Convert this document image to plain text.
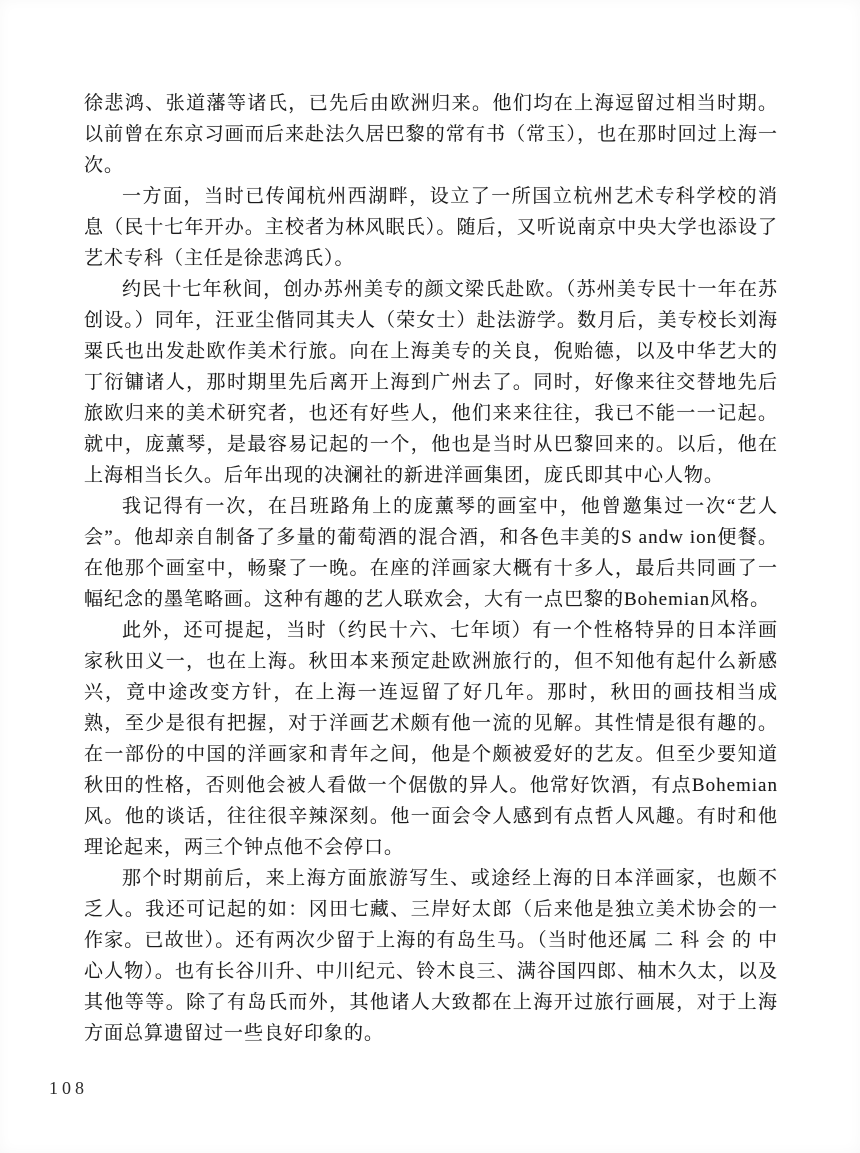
徐悲鸿、张道藩等诸氏，已先后由欧洲归来。他们均在上海逗留过相当时期。以前曾在东京习画而后来赴法久居巴黎的常有书（常玉），也在那时回过上海一次。

一方面，当时已传闻杭州西湖畔，设立了一所国立杭州艺术专科学校的消息（民十七年开办。主校者为林风眠氏）。随后，又听说南京中央大学也添设了艺术专科（主任是徐悲鸿氏）。

约民十七年秋间，创办苏州美专的颜文梁氏赴欧。（苏州美专民十一年在苏创设。）同年，汪亚尘偕同其夫人（荣女士）赴法游学。数月后，美专校长刘海粟氏也出发赴欧作美术行旅。向在上海美专的关良，倪贻德，以及中华艺大的丁衍镛诸人，那时期里先后离开上海到广州去了。同时，好像来往交替地先后旅欧归来的美术研究者，也还有好些人，他们来来往往，我已不能一一记起。就中，庞薰琴，是最容易记起的一个，他也是当时从巴黎回来的。以后，他在上海相当长久。后年出现的决澜社的新进洋画集团，庞氏即其中心人物。

我记得有一次，在吕班路角上的庞薰琴的画室中，他曾邀集过一次“艺人会”。他却亲自制备了多量的葡萄酒的混合酒，和各色丰美的S andw ion便餐。在他那个画室中，畅聚了一晚。在座的洋画家大概有十多人，最后共同画了一幅纪念的墨笔略画。这种有趣的艺人联欢会，大有一点巴黎的Bohemian风格。

此外，还可提起，当时（约民十六、七年顷）有一个性格特异的日本洋画家秋田义一，也在上海。秋田本来预定赴欧洲旅行的，但不知他有起什么新感兴，竟中途改变方针，在上海一连逗留了好几年。那时，秋田的画技相当成熟，至少是很有把握，对于洋画艺术颇有他一流的见解。其性情是很有趣的。在一部份的中国的洋画家和青年之间，他是个颇被爱好的艺友。但至少要知道秋田的性格，否则他会被人看做一个倨傲的异人。他常好饮酒，有点Bohemian风。他的谈话，往往很辛辣深刻。他一面会令人感到有点哲人风趣。有时和他理论起来，两三个钟点他不会停口。

那个时期前后，来上海方面旅游写生、或途经上海的日本洋画家，也颇不乏人。我还可记起的如：冈田七藏、三岸好太郎（后来他是独立美术协会的一作家。已故世）。还有两次少留于上海的有岛生马。（当时他还属 二 科 会 的 中心人物）。也有长谷川升、中川纪元、铃木良三、满谷国四郎、柚木久太，以及其他等等。除了有岛氏而外，其他诸人大致都在上海开过旅行画展，对于上海方面总算遗留过一些良好印象的。

108
